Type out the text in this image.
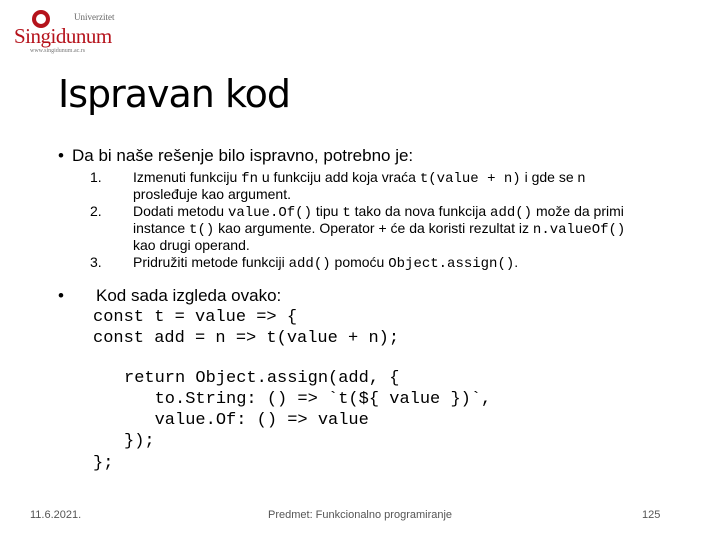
Univerzitet
Singidunum
www.singidunum.ac.rs
Ispravan kod
• Da bi naše rešenje bilo ispravno, potrebno je:
1. Izmenuti funkciju fn u funkciju add koja vraća t(value + n) i gde se n prosleđuje kao argument.
2. Dodati metodu value.Of() tipu t tako da nova funkcija add() može da primi instance t() kao argumente. Operator + će da koristi rezultat iz n.valueOf() kao drugi operand.
3. Pridružiti metode funkciji add() pomoću Object.assign().
• Kod sada izgleda ovako:
const t = value => {
const add = n => t(value + n);
return Object.assign(add, {
to.String: () => `t(${ value })`,
value.Of: () => value
});
};
11.6.2021.	Predmet: Funkcionalno programiranje	125
